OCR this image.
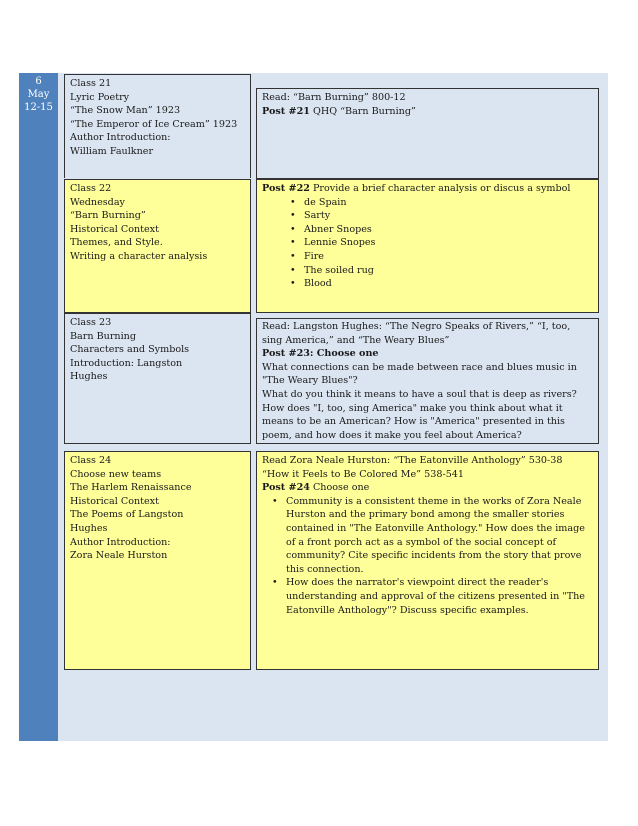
6
May
12-15
Class 21
Lyric Poetry
“The Snow Man” 1923
“The Emperor of Ice Cream” 1923
Author Introduction:
William Faulkner
Read: “Barn Burning” 800-12
Post #21 QHQ “Barn Burning”
Class 22
Wednesday
“Barn Burning”
Historical Context
Themes, and Style.
Writing a character analysis
Post #22 Provide a brief character analysis or discus a symbol
• de Spain
• Sarty
• Abner Snopes
• Lennie Snopes
• Fire
• The soiled rug
• Blood
Class 23
Barn Burning
Characters and Symbols
Introduction: Langston
Hughes
Read: Langston Hughes: “The Negro Speaks of Rivers,” “I, too, sing America,” and “The Weary Blues”
Post #23: Choose one
What connections can be made between race and blues music in "The Weary Blues"?
What do you think it means to have a soul that is deep as rivers?
How does "I, too, sing America" make you think about what it means to be an American? How is "America" presented in this poem, and how does it make you feel about America?
Class 24
Choose new teams
The Harlem Renaissance
Historical Context
The Poems of Langston
Hughes
Author Introduction:
Zora Neale Hurston
Read Zora Neale Hurston: “The Eatonville Anthology” 530-38
“How it Feels to Be Colored Me” 538-541
Post #24 Choose one
• Community is a consistent theme in the works of Zora Neale Hurston and the primary bond among the smaller stories contained in "The Eatonville Anthology." How does the image of a front porch act as a symbol of the social concept of community? Cite specific incidents from the story that prove this connection.
• How does the narrator's viewpoint direct the reader's understanding and approval of the citizens presented in "The Eatonville Anthology"? Discuss specific examples.
